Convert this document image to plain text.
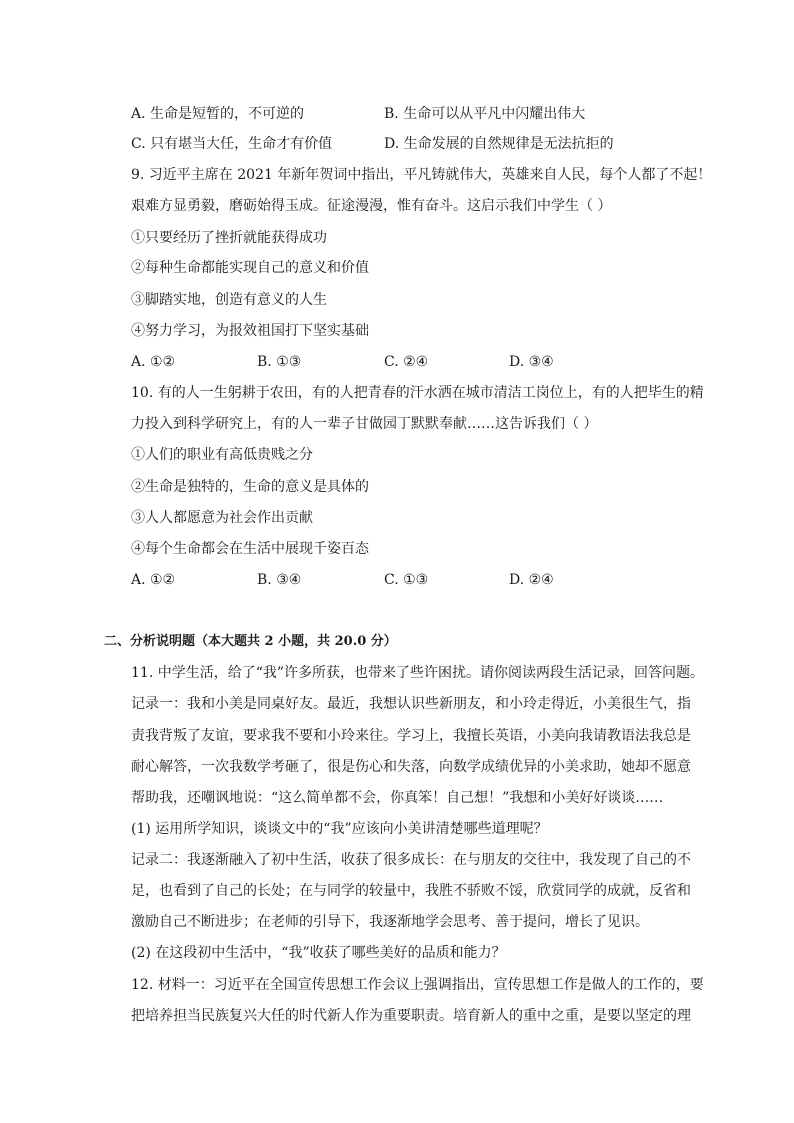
A. 生命是短暂的，不可逆的	B. 生命可以从平凡中闪耀出伟大
C. 只有堪当大任，生命才有价值	D. 生命发展的自然规律是无法抗拒的
9. 习近平主席在 2021 年新年贺词中指出，平凡铸就伟大，英雄来自人民，每个人都了不起！
艰难方显勇毅，磨砺始得玉成。征途漫漫，惟有奋斗。这启示我们中学生（ ）
①只要经历了挫折就能获得成功
②每种生命都能实现自己的意义和价值
③脚踏实地，创造有意义的人生
④努力学习，为报效祖国打下坚实基础
A. ①②	B. ①③	C. ②④	D. ③④
10. 有的人一生躬耕于农田，有的人把青春的汗水洒在城市清洁工岗位上，有的人把毕生的精
力投入到科学研究上，有的人一辈子甘做园丁默默奉献……这告诉我们（ ）
①人们的职业有高低贵贱之分
②生命是独特的，生命的意义是具体的
③人人都愿意为社会作出贡献
④每个生命都会在生活中展现千姿百态
A. ①②	B. ③④	C. ①③	D. ②④
二、分析说明题（本大题共 2 小题，共 20.0 分）
11. 中学生活，给了“我”许多所获，也带来了些许困扰。请你阅读两段生活记录，回答问题。
记录一：我和小美是同桌好友。最近，我想认识些新朋友，和小玲走得近，小美很生气，指
责我背叛了友谊，要求我不要和小玲来往。学习上，我擅长英语，小美向我请教语法我总是
耐心解答，一次我数学考砸了，很是伤心和失落，向数学成绩优异的小美求助，她却不愿意
帮助我，还嘲讽地说：“这么简单都不会，你真笨！自己想！”我想和小美好好谈谈……
(1) 运用所学知识，谈谈文中的“我”应该向小美讲清楚哪些道理呢？
记录二：我逐渐融入了初中生活，收获了很多成长：在与朋友的交往中，我发现了自己的不
足，也看到了自己的长处；在与同学的较量中，我胜不骄败不馁，欣赏同学的成就，反省和
激励自己不断进步；在老师的引导下，我逐渐地学会思考、善于提问，增长了见识。
(2) 在这段初中生活中，“我”收获了哪些美好的品质和能力？
12. 材料一：习近平在全国宣传思想工作会议上强调指出，宣传思想工作是做人的工作的，要
把培养担当民族复兴大任的时代新人作为重要职责。培育新人的重中之重，是要以坚定的理
